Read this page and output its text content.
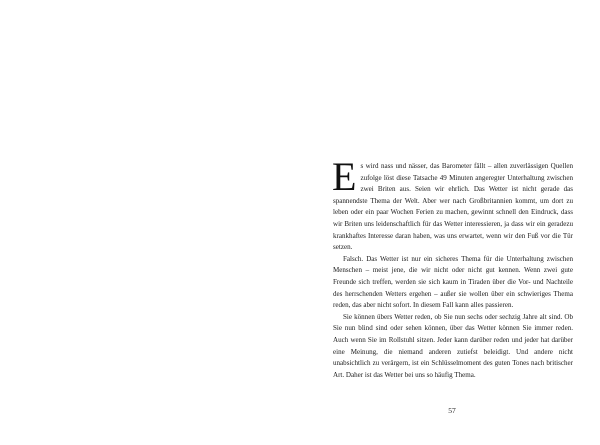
Es wird nass und nässer, das Barometer fällt – allen zuverlässigen Quellen zufolge löst diese Tatsache 49 Minuten angeregter Unterhaltung zwischen zwei Briten aus. Seien wir ehrlich. Das Wetter ist nicht gerade das spannendste Thema der Welt. Aber wer nach Großbritannien kommt, um dort zu leben oder ein paar Wochen Ferien zu machen, gewinnt schnell den Eindruck, dass wir Briten uns leidenschaftlich für das Wetter interessieren, ja dass wir ein geradezu krankhaftes Interesse daran haben, was uns erwartet, wenn wir den Fuß vor die Tür setzen.

Falsch. Das Wetter ist nur ein sicheres Thema für die Unterhaltung zwischen Menschen – meist jene, die wir nicht oder nicht gut kennen. Wenn zwei gute Freunde sich treffen, werden sie sich kaum in Tiraden über die Vor- und Nachteile des herrschenden Wetters ergehen – außer sie wollen über ein schwieriges Thema reden, das aber nicht sofort. In diesem Fall kann alles passieren.

Sie können übers Wetter reden, ob Sie nun sechs oder sechzig Jahre alt sind. Ob Sie nun blind sind oder sehen können, über das Wetter können Sie immer reden. Auch wenn Sie im Rollstuhl sitzen. Jeder kann darüber reden und jeder hat darüber eine Meinung, die niemand anderen zutiefst beleidigt. Und andere nicht unabsichtlich zu verärgern, ist ein Schlüsselmoment des guten Tones nach britischer Art. Daher ist das Wetter bei uns so häufig Thema.

57
